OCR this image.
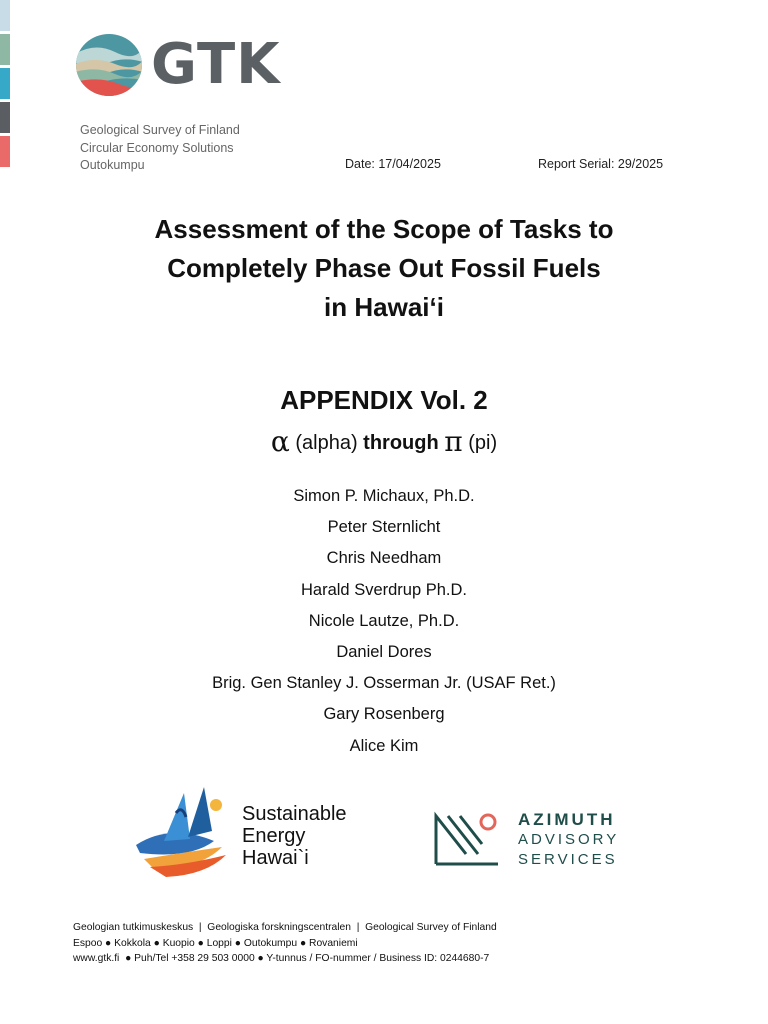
GTK
Geological Survey of Finland
Circular Economy Solutions
Outokumpu	Date: 17/04/2025	Report Serial: 29/2025
Assessment of the Scope of Tasks to
Completely Phase Out Fossil Fuels
in Hawai‘i
APPENDIX Vol. 2
α (alpha) through π (pi)
Simon P. Michaux, Ph.D.
Peter Sternlicht
Chris Needham
Harald Sverdrup Ph.D.
Nicole Lautze, Ph.D.
Daniel Dores
Brig. Gen Stanley J. Osserman Jr. (USAF Ret.)
Gary Rosenberg
Alice Kim
Sustainable
Energy
Hawai`i
AZIMUTH
ADVISORY
SERVICES
Geologian tutkimuskeskus  |  Geologiska forskningscentralen  |  Geological Survey of Finland
Espoo ● Kokkola ● Kuopio ● Loppi ● Outokumpu ● Rovaniemi
www.gtk.fi  ● Puh/Tel +358 29 503 0000 ● Y-tunnus / FO-nummer / Business ID: 0244680-7
